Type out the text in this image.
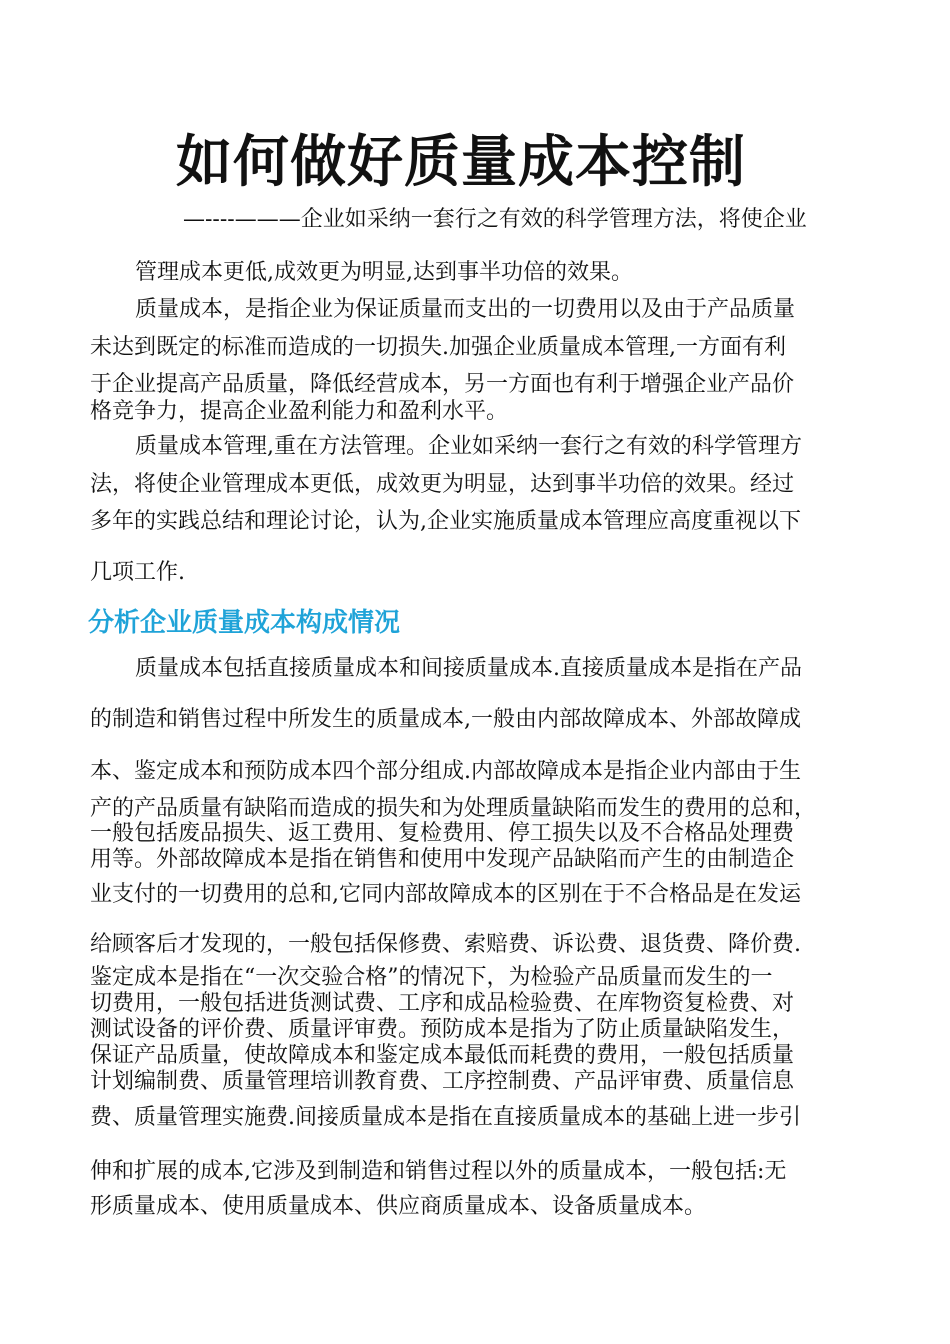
如何做好质量成本控制

—----———企业如采纳一套行之有效的科学管理方法，将使企业

管理成本更低,成效更为明显,达到事半功倍的效果。

质量成本，是指企业为保证质量而支出的一切费用以及由于产品质量

未达到既定的标准而造成的一切损失.加强企业质量成本管理,一方面有利

于企业提高产品质量，降低经营成本，另一方面也有利于增强企业产品价

格竞争力，提高企业盈利能力和盈利水平。

质量成本管理,重在方法管理。企业如采纳一套行之有效的科学管理方

法，将使企业管理成本更低，成效更为明显，达到事半功倍的效果。经过

多年的实践总结和理论讨论，认为,企业实施质量成本管理应高度重视以下

几项工作.

分析企业质量成本构成情况

质量成本包括直接质量成本和间接质量成本.直接质量成本是指在产品

的制造和销售过程中所发生的质量成本,一般由内部故障成本、外部故障成

本、鉴定成本和预防成本四个部分组成.内部故障成本是指企业内部由于生

产的产品质量有缺陷而造成的损失和为处理质量缺陷而发生的费用的总和，

一般包括废品损失、返工费用、复检费用、停工损失以及不合格品处理费

用等。外部故障成本是指在销售和使用中发现产品缺陷而产生的由制造企

业支付的一切费用的总和,它同内部故障成本的区别在于不合格品是在发运

给顾客后才发现的，一般包括保修费、索赔费、诉讼费、退货费、降价费.

鉴定成本是指在“一次交验合格”的情况下，为检验产品质量而发生的一

切费用，一般包括进货测试费、工序和成品检验费、在库物资复检费、对

测试设备的评价费、质量评审费。预防成本是指为了防止质量缺陷发生，

保证产品质量，使故障成本和鉴定成本最低而耗费的费用，一般包括质量

计划编制费、质量管理培训教育费、工序控制费、产品评审费、质量信息

费、质量管理实施费.间接质量成本是指在直接质量成本的基础上进一步引

伸和扩展的成本,它涉及到制造和销售过程以外的质量成本，一般包括:无

形质量成本、使用质量成本、供应商质量成本、设备质量成本。
